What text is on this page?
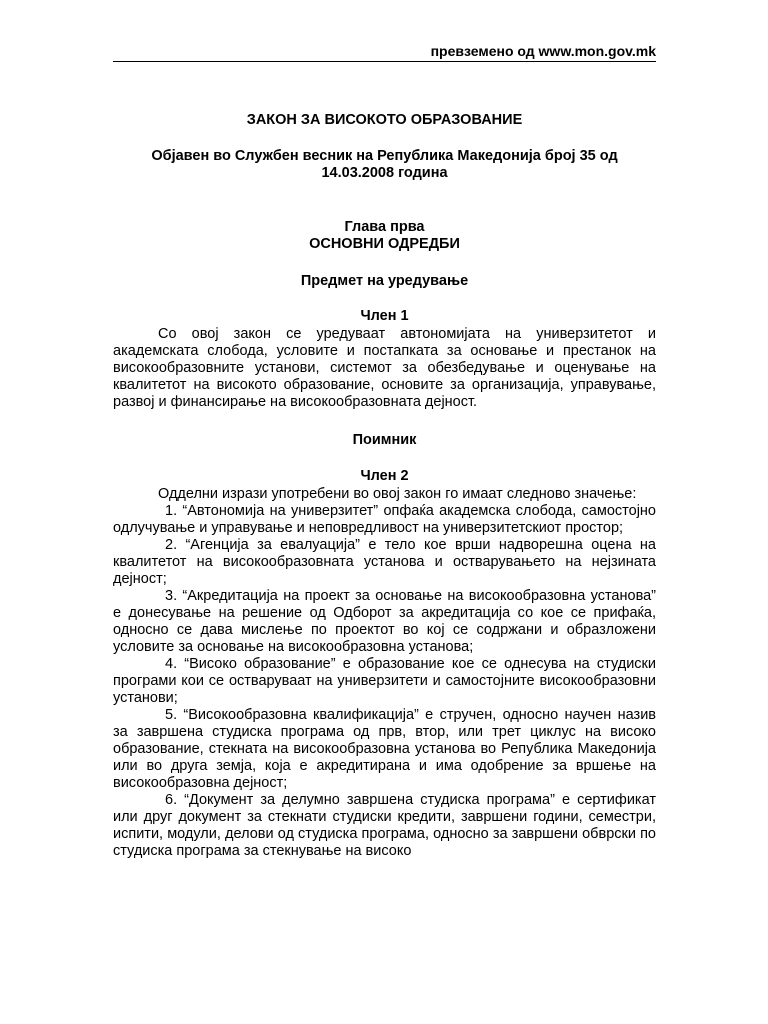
превземено од www.mon.gov.mk
ЗАКОН ЗА ВИСОКОТО ОБРАЗОВАНИЕ
Објавен во Службен весник на Република Македонија број 35 од
14.03.2008 година
Глава прва
ОСНОВНИ ОДРЕДБИ
Предмет на уредување
Член 1

Со овој закон се уредуваат автономијата на универзитетот и академската слобода, условите и постапката за основање и престанок на високообразовните установи, системот за обезбедување и оценување на квалитетот на високото образование, основите за организација, управување, развој и финансирање на високообразовната дејност.

Поимник
Член 2

Одделни изрази употребени во овој закон го имаат следново значење:

1. “Автономија на универзитет” опфаќа академска слобода, самостојно одлучување и управување и неповредливост на универзитетскиот простор;

2. “Агенција за евалуација” е тело кое врши надворешна оцена на квалитетот на високообразовната установа и остварувањето на нејзината дејност;

3. “Акредитација на проект за основање на високообразовна установа” е донесување на решение од Одборот за акредитација со кое се прифаќа, односно се дава мислење по проектот во кој се содржани и образложени условите за основање на високообразовна установа;

4. “Високо образование” е образование кое се однесува на студиски програми кои се остваруваат на универзитети и самостојните високообразовни установи;

5. “Високообразовна квалификација” е стручен, односно научен назив за завршена студиска програма од прв, втор, или трет циклус на високо образование, стекната на високообразовна установа во Република Македонија или во друга земја, која е акредитирана и има одобрение за вршење на високообразовна дејност;

6. “Документ за делумно завршена студиска програма” е сертификат или друг документ за стекнати студиски кредити, завршени години, семестри, испити, модули, делови од студиска програма, односно за завршени обврски по студиска програма за стекнување на високо
